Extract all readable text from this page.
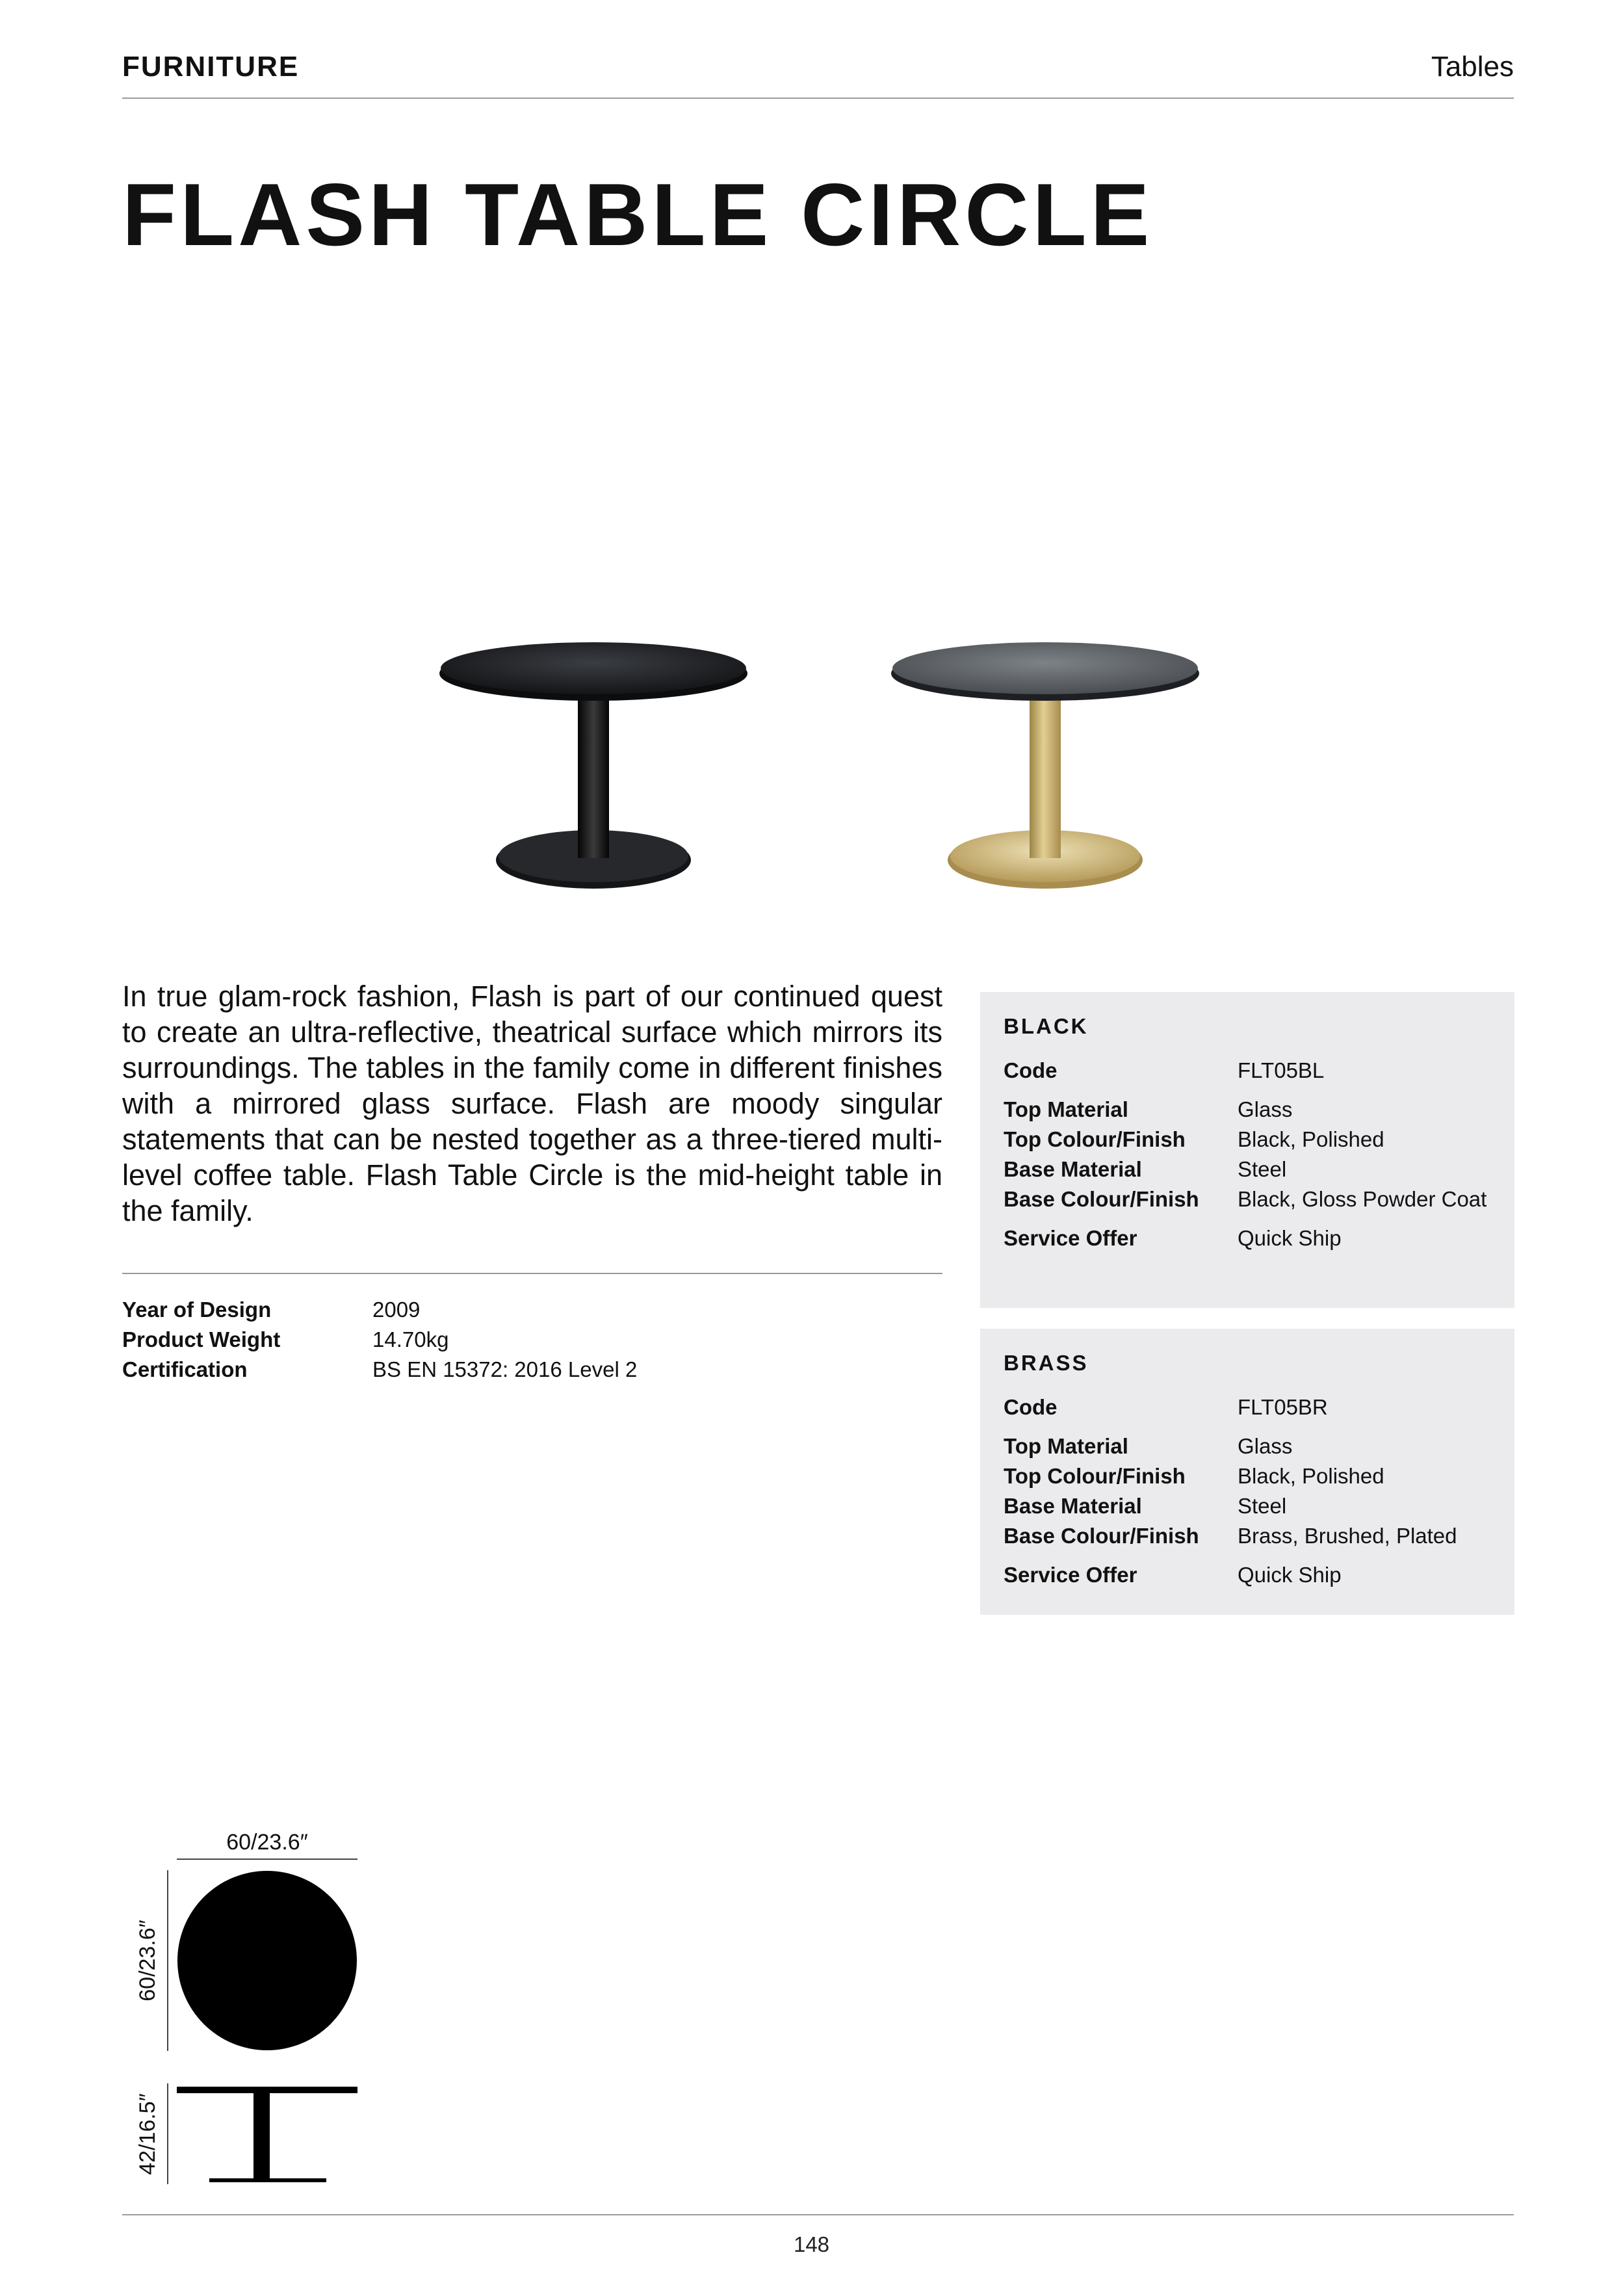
FURNITURE	Tables
FLASH TABLE CIRCLE

In true glam-rock fashion, Flash is part of our continued quest to create an ultra-reflective, theatrical surface which mirrors its surroundings. The tables in the family come in different finishes with a mirrored glass surface. Flash are moody singular statements that can be nested together as a three-tiered multi-level coffee table. Flash Table Circle is the mid-height table in the family.

Year of Design	2009
Product Weight	14.70kg
Certification	BS EN 15372: 2016 Level 2
BLACK
Code	FLT05BL
Top Material	Glass
Top Colour/Finish	Black, Polished
Base Material	Steel
Base Colour/Finish	Black, Gloss Powder Coat
Service Offer	Quick Ship
BRASS
Code	FLT05BR
Top Material	Glass
Top Colour/Finish	Black, Polished
Base Material	Steel
Base Colour/Finish	Brass, Brushed, Plated
Service Offer	Quick Ship
60/23.6″
60/23.6″
42/16.5″
148
